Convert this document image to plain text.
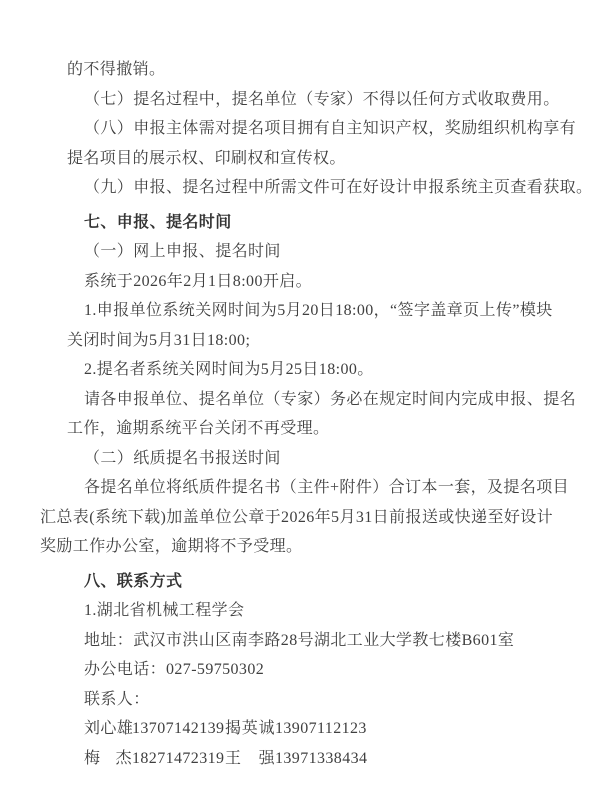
的不得撤销。
（七）提名过程中，提名单位（专家）不得以任何方式收取费用。
（八）申报主体需对提名项目拥有自主知识产权，奖励组织机构享有
提名项目的展示权、印刷权和宣传权。
（九）申报、提名过程中所需文件可在好设计申报系统主页查看获取。
七、申报、提名时间
（一）网上申报、提名时间
系统于2026年2月1日8:00开启。
1.申报单位系统关网时间为5月20日18:00，“签字盖章页上传”模块
关闭时间为5月31日18:00;
2.提名者系统关网时间为5月25日18:00。
请各申报单位、提名单位（专家）务必在规定时间内完成申报、提名
工作，逾期系统平台关闭不再受理。
（二）纸质提名书报送时间
各提名单位将纸质件提名书（主件+附件）合订本一套，及提名项目
汇总表(系统下载)加盖单位公章于2026年5月31日前报送或快递至好设计
奖励工作办公室，逾期将不予受理。
八、联系方式
1.湖北省机械工程学会
地址：武汉市洪山区南李路28号湖北工业大学教七楼B601室
办公电话：027-59750302
联系人：
刘 心 雄
13707142139 揭 英 诚 13907112123
梅 杰 18271472319 王 强 13971338434
